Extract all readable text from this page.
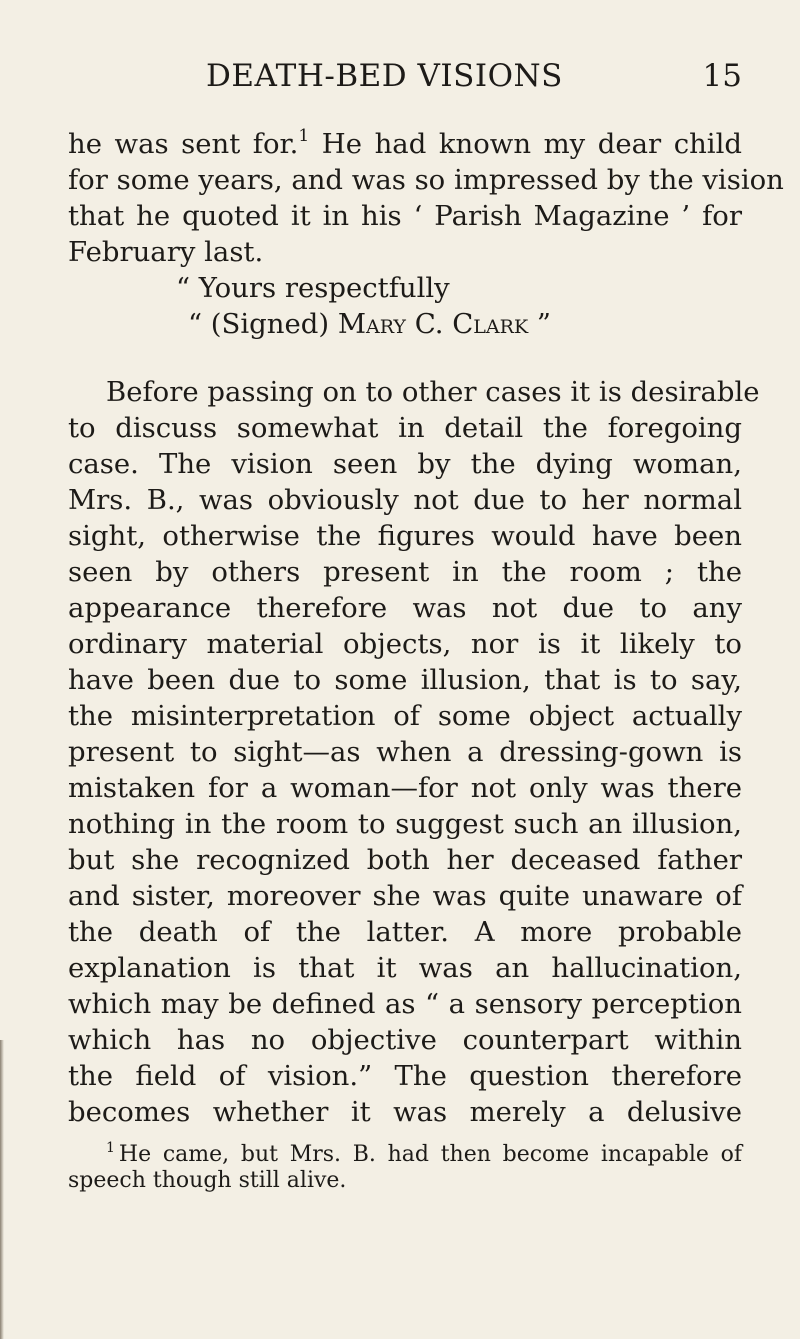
DEATH-BED VISIONS	15
he was sent for.$^1$ He had known my dear child
for some years, and was so impressed by the vision
that he quoted it in his ‘ Parish Magazine ’ for
February last.
“ Yours respectfully
“ (Signed) Mary C. Clark ”
Before passing on to other cases it is desirable
to discuss somewhat in detail the foregoing
case. The vision seen by the dying woman,
Mrs. B., was obviously not due to her normal
sight, otherwise the figures would have been
seen by others present in the room ; the
appearance therefore was not due to any
ordinary material objects, nor is it likely to
have been due to some illusion, that is to say,
the misinterpretation of some object actually
present to sight—as when a dressing-gown is
mistaken for a woman—for not only was there
nothing in the room to suggest such an illusion,
but she recognized both her deceased father
and sister, moreover she was quite unaware of
the death of the latter. A more probable
explanation is that it was an hallucination,
which may be defined as “ a sensory perception
which has no objective counterpart within
the field of vision.” The question therefore
becomes whether it was merely a delusive
$^1$ He came, but Mrs. B. had then become incapable of
speech though still alive.
